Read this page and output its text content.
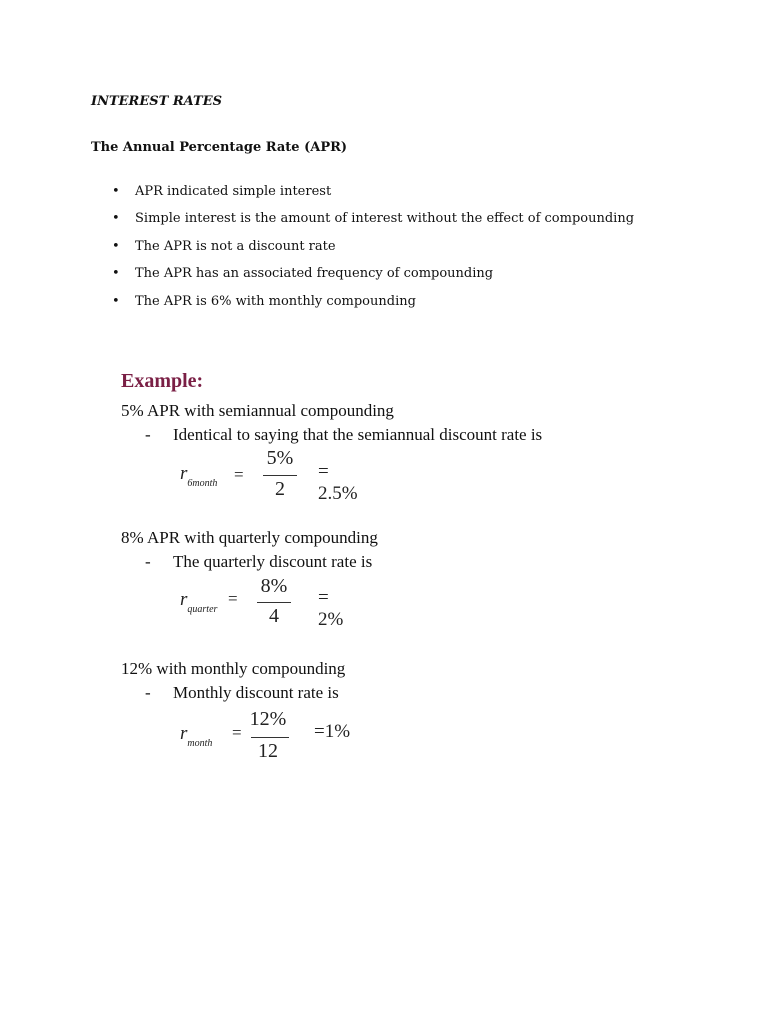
INTEREST RATES
The Annual Percentage Rate (APR)
• APR indicated simple interest
• Simple interest is the amount of interest without the effect of compounding
• The APR is not a discount rate
• The APR has an associated frequency of compounding
• The APR is 6% with monthly compounding
Example:
5% APR with semiannual compounding
- Identical to saying that the semiannual discount rate is
$r_{6month}$ =
5%
2
= 2.5%
8% APR with quarterly compounding
- The quarterly discount rate is
$r_{quarter}$
=
8%
4
= 2%
12% with monthly compounding
- Monthly discount rate is
$r_{month}$
=
12%
12
=1%
